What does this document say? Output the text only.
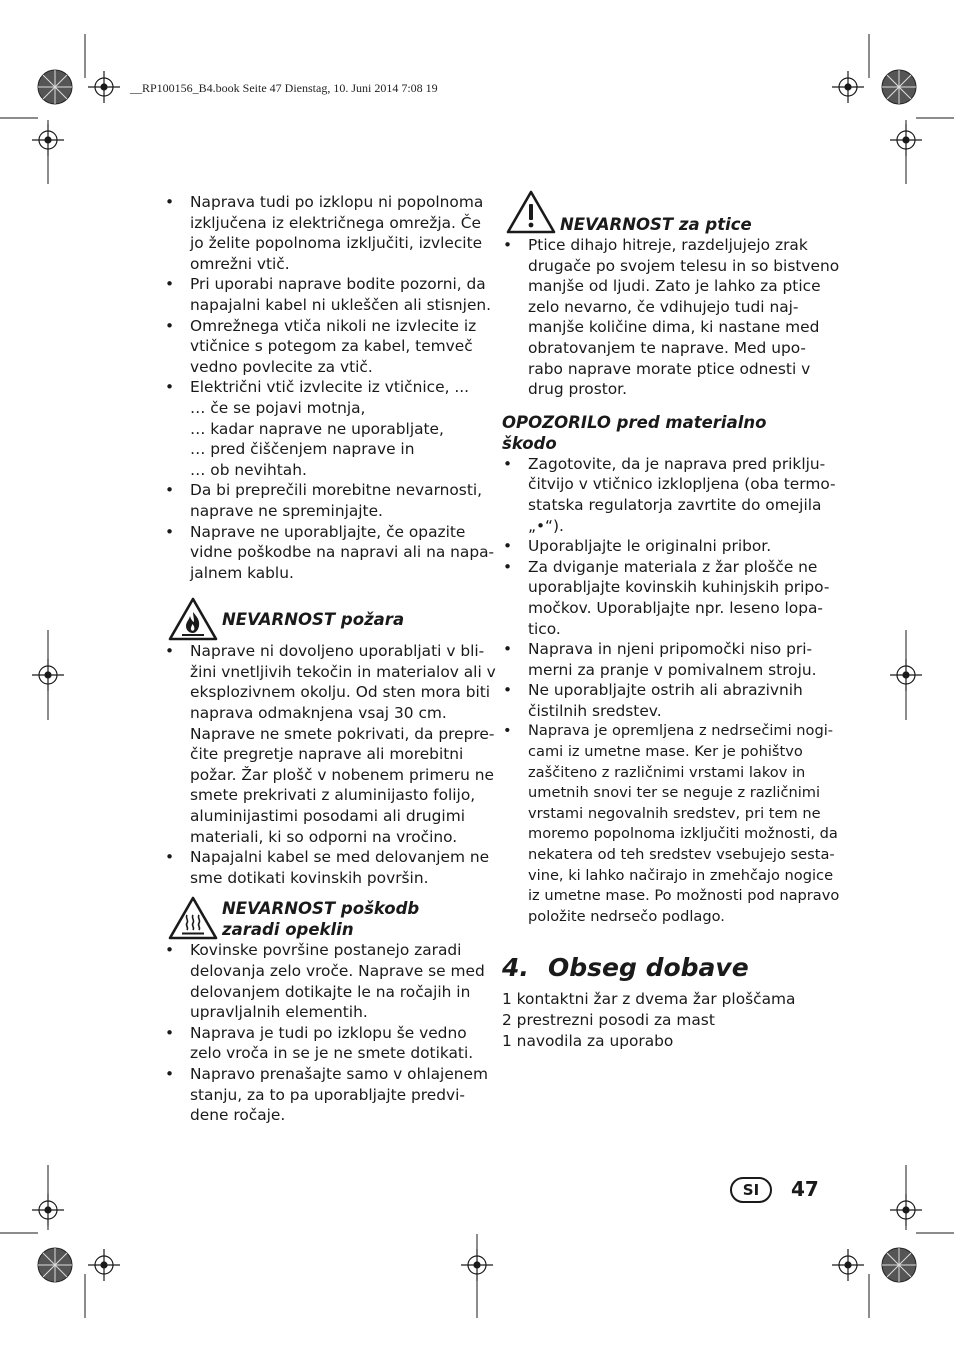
__RP100156_B4.book Seite 47 Dienstag, 10. Juni 2014 7:08 19
• Naprava tudi po izklopu ni popolnoma
izključena iz električnega omrežja. Če
jo želite popolnoma izključiti, izvlecite
omrežni vtič.
• Pri uporabi naprave bodite pozorni, da
napajalni kabel ni ukleščen ali stisnjen.
• Omrežnega vtiča nikoli ne izvlecite iz
vtičnice s potegom za kabel, temveč
vedno povlecite za vtič.
• Električni vtič izvlecite iz vtičnice, ...
… če se pojavi motnja,
… kadar naprave ne uporabljate,
… pred čiščenjem naprave in
… ob nevihtah.
• Da bi preprečili morebitne nevarnosti,
naprave ne spreminjajte.
• Naprave ne uporabljajte, če opazite
vidne poškodbe na napravi ali na napa-
jalnem kablu.
NEVARNOST požara
• Naprave ni dovoljeno uporabljati v bli-
žini vnetljivih tekočin in materialov ali v
eksplozivnem okolju. Od sten mora biti
naprava odmaknjena vsaj 30 cm.
Naprave ne smete pokrivati, da prepre-
čite pregretje naprave ali morebitni
požar. Žar plošč v nobenem primeru ne
smete prekrivati z aluminijasto folijo,
aluminijastimi posodami ali drugimi
materiali, ki so odporni na vročino.
• Napajalni kabel se med delovanjem ne
sme dotikati kovinskih površin.
NEVARNOST poškodb
zaradi opeklin
• Kovinske površine postanejo zaradi
delovanja zelo vroče. Naprave se med
delovanjem dotikajte le na ročajih in
upravljalnih elementih.
• Naprava je tudi po izklopu še vedno
zelo vroča in se je ne smete dotikati.
• Napravo prenašajte samo v ohlajenem
stanju, za to pa uporabljajte predvi-
dene ročaje.
NEVARNOST za ptice
• Ptice dihajo hitreje, razdeljujejo zrak
drugače po svojem telesu in so bistveno
manjše od ljudi. Zato je lahko za ptice
zelo nevarno, če vdihujejo tudi naj-
manjše količine dima, ki nastane med
obratovanjem te naprave. Med upo-
rabo naprave morate ptice odnesti v
drug prostor.
OPOZORILO pred materialno
škodo
• Zagotovite, da je naprava pred priklju-
čitvijo v vtičnico izklopljena (oba termo-
statska regulatorja zavrtite do omejila
„•“).
• Uporabljajte le originalni pribor.
• Za dviganje materiala z žar plošče ne
uporabljajte kovinskih kuhinjskih pripo-
močkov. Uporabljajte npr. leseno lopa-
tico.
• Naprava in njeni pripomočki niso pri-
merni za pranje v pomivalnem stroju.
• Ne uporabljajte ostrih ali abrazivnih
čistilnih sredstev.
• Naprava je opremljena z nedrsečimi nogi-
cami iz umetne mase. Ker je pohištvo
zaščiteno z različnimi vrstami lakov in
umetnih snovi ter se neguje z različnimi
vrstami negovalnih sredstev, pri tem ne
moremo popolnoma izključiti možnosti, da
nekatera od teh sredstev vsebujejo sesta-
vine, ki lahko načirajo in zmehčajo nogice
iz umetne mase. Po možnosti pod napravo
položite nedrsečo podlago.
4. Obseg dobave
1 kontaktni žar z dvema žar ploščama
2 prestrezni posodi za mast
1 navodila za uporabo
SI	47
